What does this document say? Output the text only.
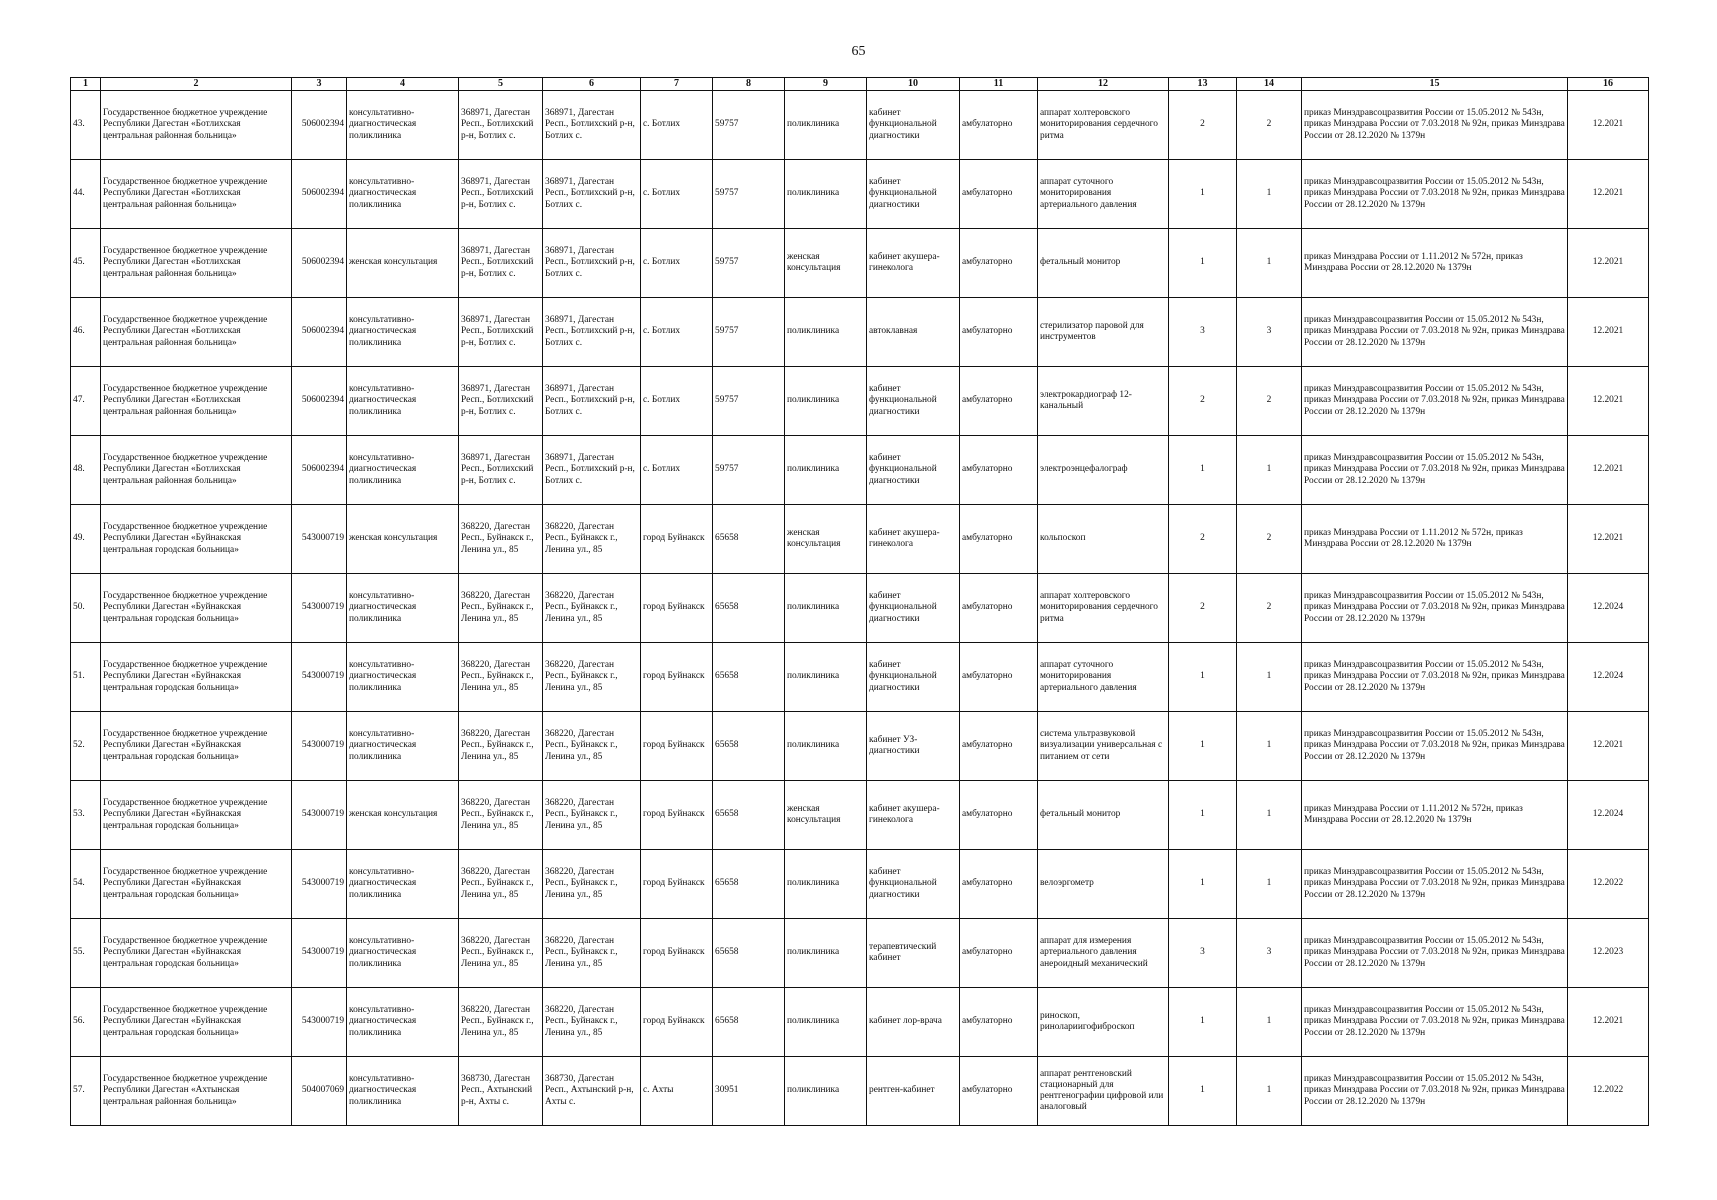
65
1	2	3	4	5	6	7	8	9	10	11	12	13	14	15	16
43.	Государственное бюджетное учреждение Республики Дагестан «Ботлихская центральная районная больница»	506002394	консультативно-диагностическая поликлиника	368971, Дагестан Респ., Ботлихский р-н, Ботлих с.	368971, Дагестан Респ., Ботлихский р-н, Ботлих с.	с. Ботлих	59757	поликлиника	кабинет функциональной диагностики	амбулаторно	аппарат холтеровского мониторирования сердечного ритма	2	2	приказ Минздравсоцразвития России от 15.05.2012 № 543н, приказ Минздрава России от 7.03.2018 № 92н, приказ Минздрава России от 28.12.2020 № 1379н	12.2021
44.	Государственное бюджетное учреждение Республики Дагестан «Ботлихская центральная районная больница»	506002394	консультативно-диагностическая поликлиника	368971, Дагестан Респ., Ботлихский р-н, Ботлих с.	368971, Дагестан Респ., Ботлихский р-н, Ботлих с.	с. Ботлих	59757	поликлиника	кабинет функциональной диагностики	амбулаторно	аппарат суточного мониторирования артериального давления	1	1	приказ Минздравсоцразвития России от 15.05.2012 № 543н, приказ Минздрава России от 7.03.2018 № 92н, приказ Минздрава России от 28.12.2020 № 1379н	12.2021
45.	Государственное бюджетное учреждение Республики Дагестан «Ботлихская центральная районная больница»	506002394	женская консультация	368971, Дагестан Респ., Ботлихский р-н, Ботлих с.	368971, Дагестан Респ., Ботлихский р-н, Ботлих с.	с. Ботлих	59757	женская консультация	кабинет акушера-гинеколога	амбулаторно	фетальный монитор	1	1	приказ Минздрава России от 1.11.2012 № 572н, приказ Минздрава России от 28.12.2020 № 1379н	12.2021
46.	Государственное бюджетное учреждение Республики Дагестан «Ботлихская центральная районная больница»	506002394	консультативно-диагностическая поликлиника	368971, Дагестан Респ., Ботлихский р-н, Ботлих с.	368971, Дагестан Респ., Ботлихский р-н, Ботлих с.	с. Ботлих	59757	поликлиника	автоклавная	амбулаторно	стерилизатор паровой для инструментов	3	3	приказ Минздравсоцразвития России от 15.05.2012 № 543н, приказ Минздрава России от 7.03.2018 № 92н, приказ Минздрава России от 28.12.2020 № 1379н	12.2021
47.	Государственное бюджетное учреждение Республики Дагестан «Ботлихская центральная районная больница»	506002394	консультативно-диагностическая поликлиника	368971, Дагестан Респ., Ботлихский р-н, Ботлих с.	368971, Дагестан Респ., Ботлихский р-н, Ботлих с.	с. Ботлих	59757	поликлиника	кабинет функциональной диагностики	амбулаторно	электрокардиограф 12-канальный	2	2	приказ Минздравсоцразвития России от 15.05.2012 № 543н, приказ Минздрава России от 7.03.2018 № 92н, приказ Минздрава России от 28.12.2020 № 1379н	12.2021
48.	Государственное бюджетное учреждение Республики Дагестан «Ботлихская центральная районная больница»	506002394	консультативно-диагностическая поликлиника	368971, Дагестан Респ., Ботлихский р-н, Ботлих с.	368971, Дагестан Респ., Ботлихский р-н, Ботлих с.	с. Ботлих	59757	поликлиника	кабинет функциональной диагностики	амбулаторно	электроэнцефалограф	1	1	приказ Минздравсоцразвития России от 15.05.2012 № 543н, приказ Минздрава России от 7.03.2018 № 92н, приказ Минздрава России от 28.12.2020 № 1379н	12.2021
49.	Государственное бюджетное учреждение Республики Дагестан «Буйнакская центральная городская больница»	543000719	женская консультация	368220, Дагестан Респ., Буйнакск г., Ленина ул., 85	368220, Дагестан Респ., Буйнакск г., Ленина ул., 85	город Буйнакск	65658	женская консультация	кабинет акушера-гинеколога	амбулаторно	кольпоскоп	2	2	приказ Минздрава России от 1.11.2012 № 572н, приказ Минздрава России от 28.12.2020 № 1379н	12.2021
50.	Государственное бюджетное учреждение Республики Дагестан «Буйнакская центральная городская больница»	543000719	консультативно-диагностическая поликлиника	368220, Дагестан Респ., Буйнакск г., Ленина ул., 85	368220, Дагестан Респ., Буйнакск г., Ленина ул., 85	город Буйнакск	65658	поликлиника	кабинет функциональной диагностики	амбулаторно	аппарат холтеровского мониторирования сердечного ритма	2	2	приказ Минздравсоцразвития России от 15.05.2012 № 543н, приказ Минздрава России от 7.03.2018 № 92н, приказ Минздрава России от 28.12.2020 № 1379н	12.2024
51.	Государственное бюджетное учреждение Республики Дагестан «Буйнакская центральная городская больница»	543000719	консультативно-диагностическая поликлиника	368220, Дагестан Респ., Буйнакск г., Ленина ул., 85	368220, Дагестан Респ., Буйнакск г., Ленина ул., 85	город Буйнакск	65658	поликлиника	кабинет функциональной диагностики	амбулаторно	аппарат суточного мониторирования артериального давления	1	1	приказ Минздравсоцразвития России от 15.05.2012 № 543н, приказ Минздрава России от 7.03.2018 № 92н, приказ Минздрава России от 28.12.2020 № 1379н	12.2024
52.	Государственное бюджетное учреждение Республики Дагестан «Буйнакская центральная городская больница»	543000719	консультативно-диагностическая поликлиника	368220, Дагестан Респ., Буйнакск г., Ленина ул., 85	368220, Дагестан Респ., Буйнакск г., Ленина ул., 85	город Буйнакск	65658	поликлиника	кабинет УЗ-диагностики	амбулаторно	система ультразвуковой визуализации универсальная с питанием от сети	1	1	приказ Минздравсоцразвития России от 15.05.2012 № 543н, приказ Минздрава России от 7.03.2018 № 92н, приказ Минздрава России от 28.12.2020 № 1379н	12.2021
53.	Государственное бюджетное учреждение Республики Дагестан «Буйнакская центральная городская больница»	543000719	женская консультация	368220, Дагестан Респ., Буйнакск г., Ленина ул., 85	368220, Дагестан Респ., Буйнакск г., Ленина ул., 85	город Буйнакск	65658	женская консультация	кабинет акушера-гинеколога	амбулаторно	фетальный монитор	1	1	приказ Минздрава России от 1.11.2012 № 572н, приказ Минздрава России от 28.12.2020 № 1379н	12.2024
54.	Государственное бюджетное учреждение Республики Дагестан «Буйнакская центральная городская больница»	543000719	консультативно-диагностическая поликлиника	368220, Дагестан Респ., Буйнакск г., Ленина ул., 85	368220, Дагестан Респ., Буйнакск г., Ленина ул., 85	город Буйнакск	65658	поликлиника	кабинет функциональной диагностики	амбулаторно	велоэргометр	1	1	приказ Минздравсоцразвития России от 15.05.2012 № 543н, приказ Минздрава России от 7.03.2018 № 92н, приказ Минздрава России от 28.12.2020 № 1379н	12.2022
55.	Государственное бюджетное учреждение Республики Дагестан «Буйнакская центральная городская больница»	543000719	консультативно-диагностическая поликлиника	368220, Дагестан Респ., Буйнакск г., Ленина ул., 85	368220, Дагестан Респ., Буйнакск г., Ленина ул., 85	город Буйнакск	65658	поликлиника	терапевтический кабинет	амбулаторно	аппарат для измерения артериального давления анероидный механический	3	3	приказ Минздравсоцразвития России от 15.05.2012 № 543н, приказ Минздрава России от 7.03.2018 № 92н, приказ Минздрава России от 28.12.2020 № 1379н	12.2023
56.	Государственное бюджетное учреждение Республики Дагестан «Буйнакская центральная городская больница»	543000719	консультативно-диагностическая поликлиника	368220, Дагестан Респ., Буйнакск г., Ленина ул., 85	368220, Дагестан Респ., Буйнакск г., Ленина ул., 85	город Буйнакск	65658	поликлиника	кабинет лор-врача	амбулаторно	риноскоп, ринолариигофиброскоп	1	1	приказ Минздравсоцразвития России от 15.05.2012 № 543н, приказ Минздрава России от 7.03.2018 № 92н, приказ Минздрава России от 28.12.2020 № 1379н	12.2021
57.	Государственное бюджетное учреждение Республики Дагестан «Ахтынская центральная районная больница»	504007069	консультативно-диагностическая поликлиника	368730, Дагестан Респ., Ахтынский р-н, Ахты с.	368730, Дагестан Респ., Ахтынский р-н, Ахты с.	с. Ахты	30951	поликлиника	рентген-кабинет	амбулаторно	аппарат рентгеновский стационарный для рентгенографии цифровой или аналоговый	1	1	приказ Минздравсоцразвития России от 15.05.2012 № 543н, приказ Минздрава России от 7.03.2018 № 92н, приказ Минздрава России от 28.12.2020 № 1379н	12.2022
